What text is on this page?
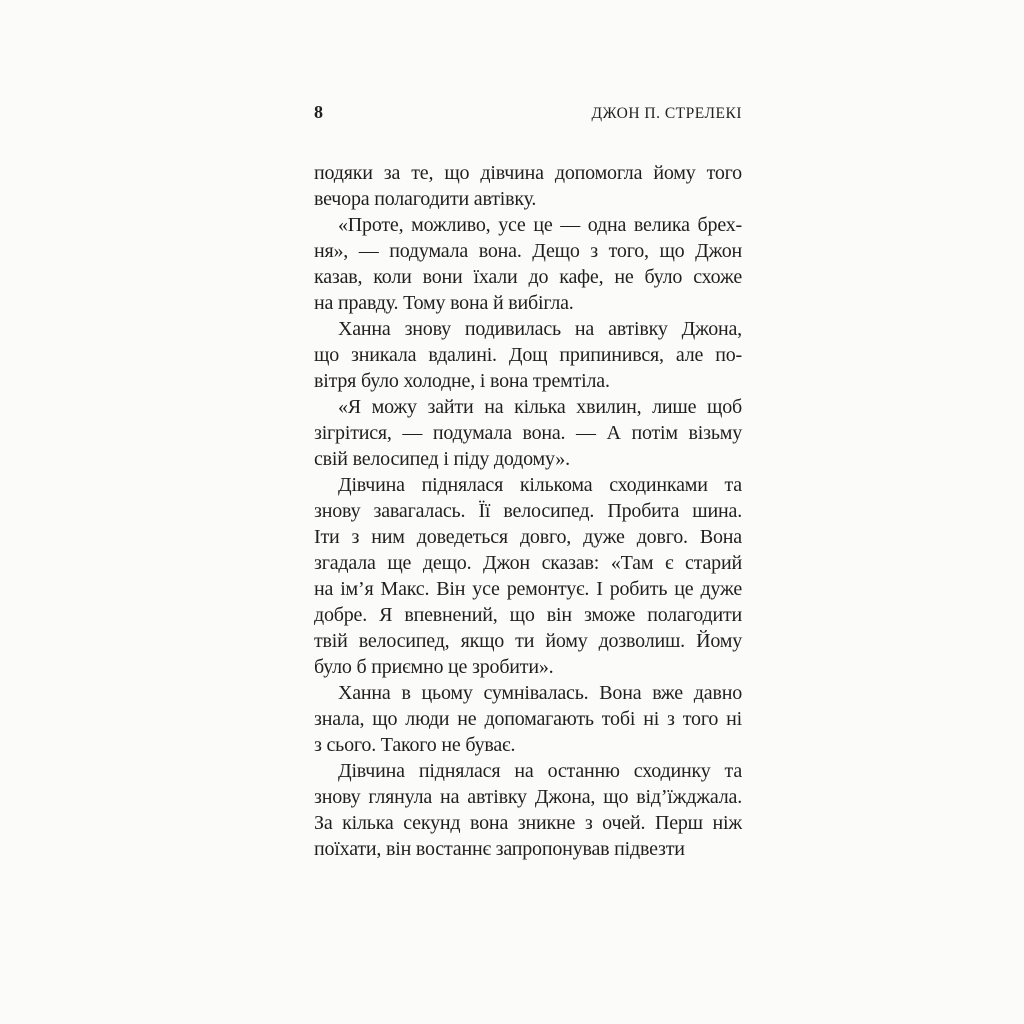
8	ДЖОН П. СТРЕЛЕКІ
подяки за те, що дівчина допомогла йому того
вечора полагодити автівку.
«Проте, можливо, усе це — одна велика брех-
ня», — подумала вона. Дещо з того, що Джон
казав, коли вони їхали до кафе, не було схоже
на правду. Тому вона й вибігла.
Ханна знову подивилась на автівку Джона,
що зникала вдалині. Дощ припинився, але по-
вітря було холодне, і вона тремтіла.
«Я можу зайти на кілька хвилин, лише щоб
зігрітися, — подумала вона. — А потім візьму
свій велосипед і піду додому».
Дівчина піднялася кількома сходинками та
знову завагалась. Її велосипед. Пробита шина.
Іти з ним доведеться довго, дуже довго. Вона
згадала ще дещо. Джон сказав: «Там є старий
на ім’я Макс. Він усе ремонтує. І робить це дуже
добре. Я впевнений, що він зможе полагодити
твій велосипед, якщо ти йому дозволиш. Йому
було б приємно це зробити».
Ханна в цьому сумнівалась. Вона вже давно
знала, що люди не допомагають тобі ні з того ні
з сього. Такого не буває.
Дівчина піднялася на останню сходинку та
знову глянула на автівку Джона, що від’їжджала.
За кілька секунд вона зникне з очей. Перш ніж
поїхати, він востаннє запропонував підвезти
